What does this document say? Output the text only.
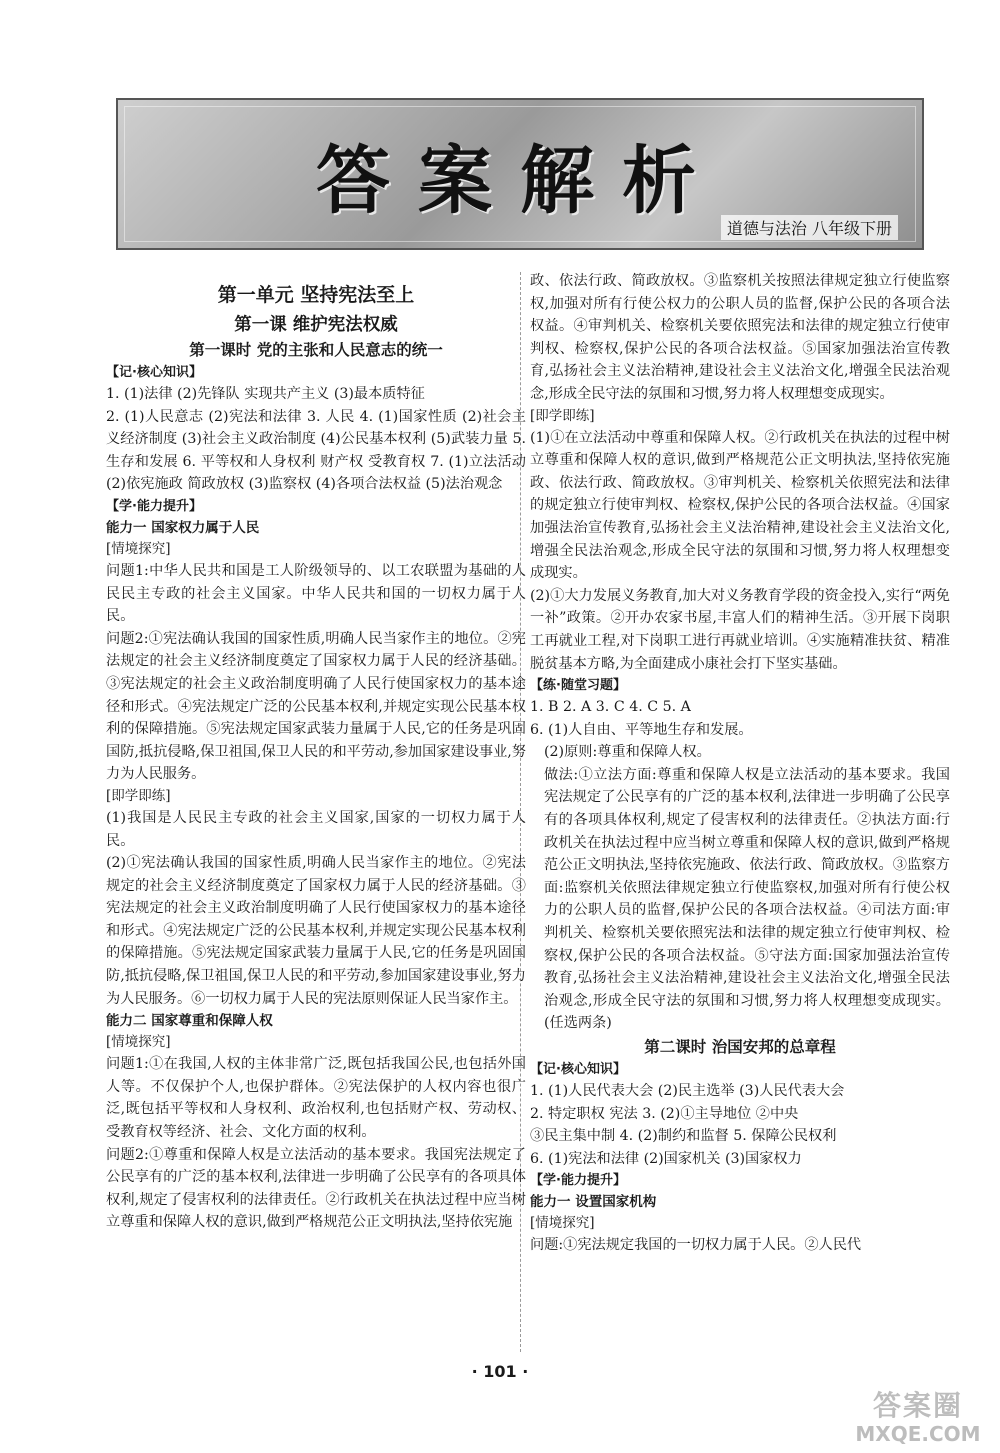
答案解析
道德与法治 八年级下册
第一单元 坚持宪法至上
第一课 维护宪法权威
第一课时 党的主张和人民意志的统一
【记·核心知识】

1. (1)法律 (2)先锋队 实现共产主义 (3)最本质特征

2. (1)人民意志 (2)宪法和法律 3. 人民 4. (1)国家性质 (2)社会主义经济制度 (3)社会主义政治制度 (4)公民基本权利 (5)武装力量 5. 生存和发展 6. 平等权和人身权利 财产权 受教育权 7. (1)立法活动 (2)依宪施政 简政放权 (3)监察权 (4)各项合法权益 (5)法治观念

【学·能力提升】
能力一 国家权力属于人民
[情境探究]

问题1:中华人民共和国是工人阶级领导的、以工农联盟为基础的人民民主专政的社会主义国家。中华人民共和国的一切权力属于人民。

问题2:①宪法确认我国的国家性质,明确人民当家作主的地位。②宪法规定的社会主义经济制度奠定了国家权力属于人民的经济基础。③宪法规定的社会主义政治制度明确了人民行使国家权力的基本途径和形式。④宪法规定广泛的公民基本权利,并规定实现公民基本权利的保障措施。⑤宪法规定国家武装力量属于人民,它的任务是巩固国防,抵抗侵略,保卫祖国,保卫人民的和平劳动,参加国家建设事业,努力为人民服务。

[即学即练]

(1)我国是人民民主专政的社会主义国家,国家的一切权力属于人民。

(2)①宪法确认我国的国家性质,明确人民当家作主的地位。②宪法规定的社会主义经济制度奠定了国家权力属于人民的经济基础。③宪法规定的社会主义政治制度明确了人民行使国家权力的基本途径和形式。④宪法规定广泛的公民基本权利,并规定实现公民基本权利的保障措施。⑤宪法规定国家武装力量属于人民,它的任务是巩固国防,抵抗侵略,保卫祖国,保卫人民的和平劳动,参加国家建设事业,努力为人民服务。⑥一切权力属于人民的宪法原则保证人民当家作主。

能力二 国家尊重和保障人权
[情境探究]

问题1:①在我国,人权的主体非常广泛,既包括我国公民,也包括外国人等。不仅保护个人,也保护群体。②宪法保护的人权内容也很广泛,既包括平等权和人身权利、政治权利,也包括财产权、劳动权、受教育权等经济、社会、文化方面的权利。

问题2:①尊重和保障人权是立法活动的基本要求。我国宪法规定了公民享有的广泛的基本权利,法律进一步明确了公民享有的各项具体权利,规定了侵害权利的法律责任。②行政机关在执法过程中应当树立尊重和保障人权的意识,做到严格规范公正文明执法,坚持依宪施

政、依法行政、简政放权。③监察机关按照法律规定独立行使监察权,加强对所有行使公权力的公职人员的监督,保护公民的各项合法权益。④审判机关、检察机关要依照宪法和法律的规定独立行使审判权、检察权,保护公民的各项合法权益。⑤国家加强法治宣传教育,弘扬社会主义法治精神,建设社会主义法治文化,增强全民法治观念,形成全民守法的氛围和习惯,努力将人权理想变成现实。

[即学即练]

(1)①在立法活动中尊重和保障人权。②行政机关在执法的过程中树立尊重和保障人权的意识,做到严格规范公正文明执法,坚持依宪施政、依法行政、简政放权。③审判机关、检察机关依照宪法和法律的规定独立行使审判权、检察权,保护公民的各项合法权益。④国家加强法治宣传教育,弘扬社会主义法治精神,建设社会主义法治文化,增强全民法治观念,形成全民守法的氛围和习惯,努力将人权理想变成现实。

(2)①大力发展义务教育,加大对义务教育学段的资金投入,实行“两免一补”政策。②开办农家书屋,丰富人们的精神生活。③开展下岗职工再就业工程,对下岗职工进行再就业培训。④实施精准扶贫、精准脱贫基本方略,为全面建成小康社会打下坚实基础。

【练·随堂习题】

1. B 2. A 3. C 4. C 5. A

6. (1)人自由、平等地生存和发展。

(2)原则:尊重和保障人权。

做法:①立法方面:尊重和保障人权是立法活动的基本要求。我国宪法规定了公民享有的广泛的基本权利,法律进一步明确了公民享有的各项具体权利,规定了侵害权利的法律责任。②执法方面:行政机关在执法过程中应当树立尊重和保障人权的意识,做到严格规范公正文明执法,坚持依宪施政、依法行政、简政放权。③监察方面:监察机关依照法律规定独立行使监察权,加强对所有行使公权力的公职人员的监督,保护公民的各项合法权益。④司法方面:审判机关、检察机关要依照宪法和法律的规定独立行使审判权、检察权,保护公民的各项合法权益。⑤守法方面:国家加强法治宣传教育,弘扬社会主义法治精神,建设社会主义法治文化,增强全民法治观念,形成全民守法的氛围和习惯,努力将人权理想变成现实。(任选两条)

第二课时 治国安邦的总章程
【记·核心知识】

1. (1)人民代表大会 (2)民主选举 (3)人民代表大会

2. 特定职权 宪法 3. (2)①主导地位 ②中央

③民主集中制 4. (2)制约和监督 5. 保障公民权利

6. (1)宪法和法律 (2)国家机关 (3)国家权力

【学·能力提升】
能力一 设置国家机构
[情境探究]

问题:①宪法规定我国的一切权力属于人民。②人民代

· 101 ·
答案圈
MXQE.COM
